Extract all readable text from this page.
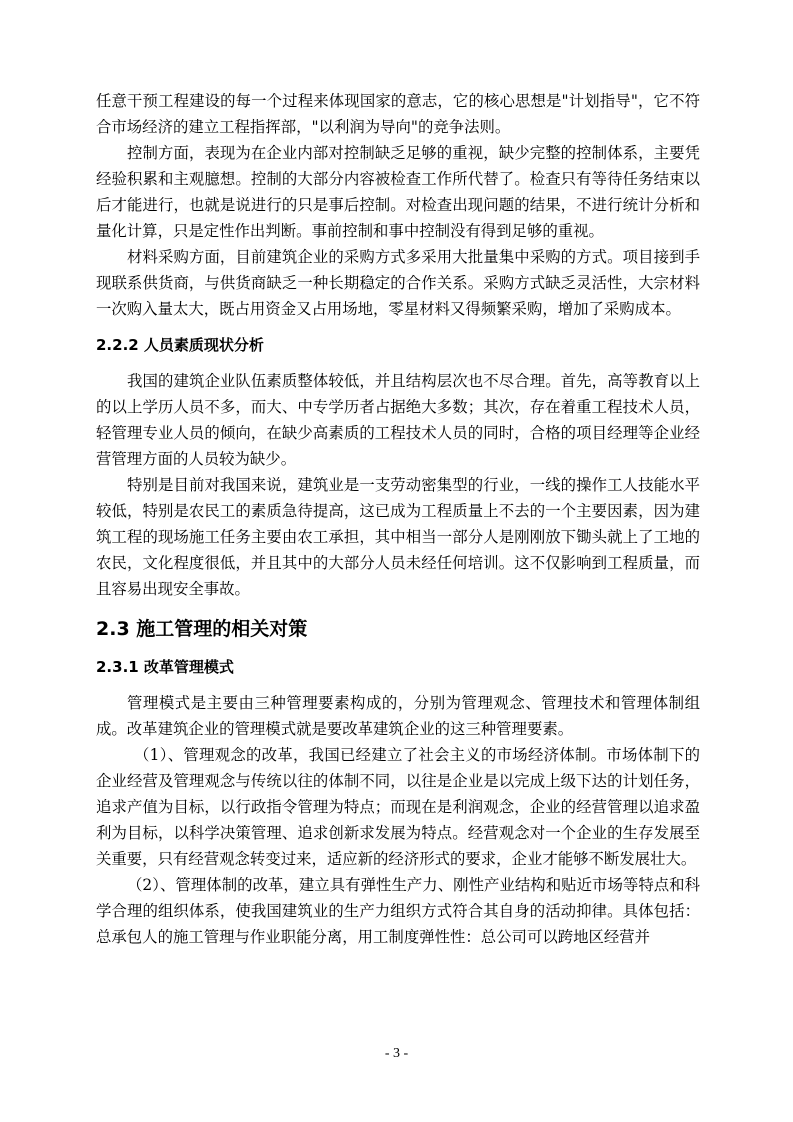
任意干预工程建设的每一个过程来体现国家的意志，它的核心思想是"计划指导"，它不符合市场经济的建立工程指挥部，"以利润为导向"的竞争法则。

控制方面，表现为在企业内部对控制缺乏足够的重视，缺少完整的控制体系，主要凭经验积累和主观臆想。控制的大部分内容被检查工作所代替了。检查只有等待任务结束以后才能进行，也就是说进行的只是事后控制。对检查出现问题的结果，不进行统计分析和量化计算，只是定性作出判断。事前控制和事中控制没有得到足够的重视。

材料采购方面，目前建筑企业的采购方式多采用大批量集中采购的方式。项目接到手现联系供货商，与供货商缺乏一种长期稳定的合作关系。采购方式缺乏灵活性，大宗材料一次购入量太大，既占用资金又占用场地，零星材料又得频繁采购，增加了采购成本。

2.2.2 人员素质现状分析

我国的建筑企业队伍素质整体较低，并且结构层次也不尽合理。首先，高等教育以上的以上学历人员不多，而大、中专学历者占据绝大多数；其次，存在着重工程技术人员，轻管理专业人员的倾向，在缺少高素质的工程技术人员的同时，合格的项目经理等企业经营管理方面的人员较为缺少。

特别是目前对我国来说，建筑业是一支劳动密集型的行业，一线的操作工人技能水平较低，特别是农民工的素质急待提高，这已成为工程质量上不去的一个主要因素，因为建筑工程的现场施工任务主要由农工承担，其中相当一部分人是刚刚放下锄头就上了工地的农民，文化程度很低，并且其中的大部分人员未经任何培训。这不仅影响到工程质量，而且容易出现安全事故。

2.3 施工管理的相关对策
2.3.1 改革管理模式

管理模式是主要由三种管理要素构成的，分别为管理观念、管理技术和管理体制组成。改革建筑企业的管理模式就是要改革建筑企业的这三种管理要素。

（1）、管理观念的改革，我国已经建立了社会主义的市场经济体制。市场体制下的企业经营及管理观念与传统以往的体制不同，以往是企业是以完成上级下达的计划任务，追求产值为目标，以行政指令管理为特点；而现在是利润观念，企业的经营管理以追求盈利为目标，以科学决策管理、追求创新求发展为特点。经营观念对一个企业的生存发展至关重要，只有经营观念转变过来，适应新的经济形式的要求，企业才能够不断发展壮大。

（2）、管理体制的改革，建立具有弹性生产力、刚性产业结构和贴近市场等特点和科学合理的组织体系，使我国建筑业的生产力组织方式符合其自身的活动抑律。具体包括：总承包人的施工管理与作业职能分离，用工制度弹性性：总公司可以跨地区经营并

- 3 -
